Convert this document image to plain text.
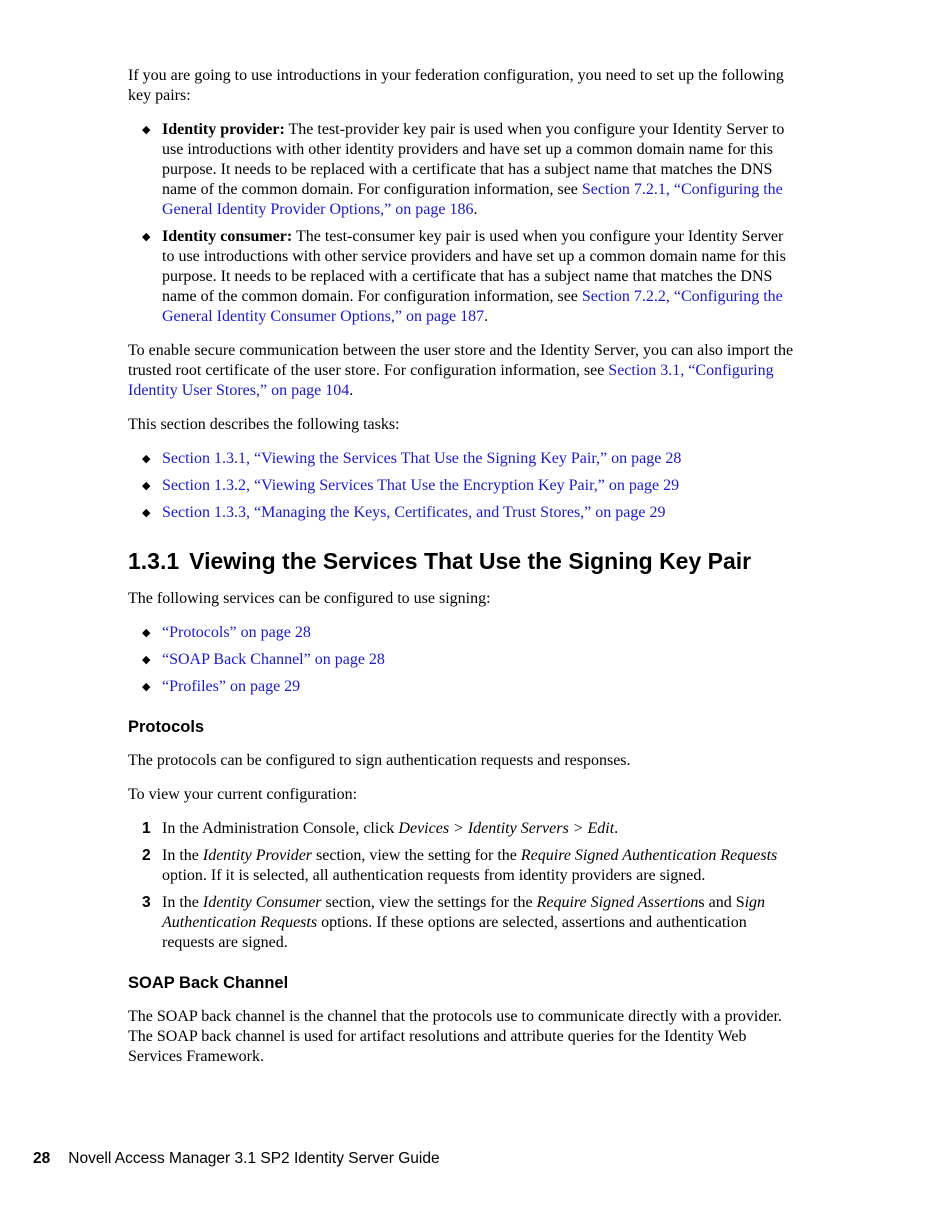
If you are going to use introductions in your federation configuration, you need to set up the following key pairs:

◆ Identity provider: The test-provider key pair is used when you configure your Identity Server to use introductions with other identity providers and have set up a common domain name for this purpose. It needs to be replaced with a certificate that has a subject name that matches the DNS name of the common domain. For configuration information, see Section 7.2.1, “Configuring the General Identity Provider Options,” on page 186.
◆ Identity consumer: The test-consumer key pair is used when you configure your Identity Server to use introductions with other service providers and have set up a common domain name for this purpose. It needs to be replaced with a certificate that has a subject name that matches the DNS name of the common domain. For configuration information, see Section 7.2.2, “Configuring the General Identity Consumer Options,” on page 187.

To enable secure communication between the user store and the Identity Server, you can also import the trusted root certificate of the user store. For configuration information, see Section 3.1, “Configuring Identity User Stores,” on page 104.

This section describes the following tasks:

◆ Section 1.3.1, “Viewing the Services That Use the Signing Key Pair,” on page 28
◆ Section 1.3.2, “Viewing Services That Use the Encryption Key Pair,” on page 29
◆ Section 1.3.3, “Managing the Keys, Certificates, and Trust Stores,” on page 29
1.3.1 Viewing the Services That Use the Signing Key Pair

The following services can be configured to use signing:

◆ “Protocols” on page 28
◆ “SOAP Back Channel” on page 28
◆ “Profiles” on page 29
Protocols

The protocols can be configured to sign authentication requests and responses.

To view your current configuration:

1 In the Administration Console, click Devices > Identity Servers > Edit.
2 In the Identity Provider section, view the setting for the Require Signed Authentication Requests option. If it is selected, all authentication requests from identity providers are signed.
3 In the Identity Consumer section, view the settings for the Require Signed Assertions and Sign Authentication Requests options. If these options are selected, assertions and authentication requests are signed.
SOAP Back Channel

The SOAP back channel is the channel that the protocols use to communicate directly with a provider. The SOAP back channel is used for artifact resolutions and attribute queries for the Identity Web Services Framework.

28 Novell Access Manager 3.1 SP2 Identity Server Guide
